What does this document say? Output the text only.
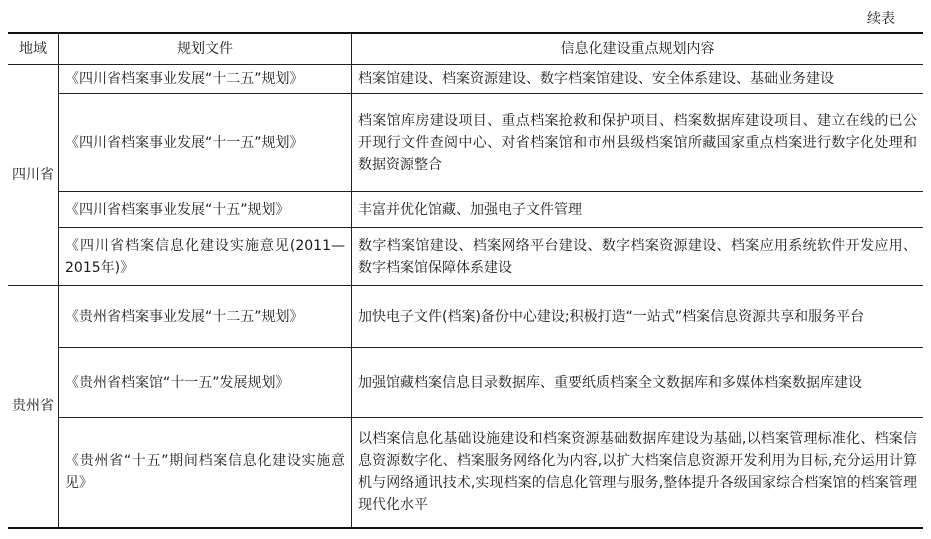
续表
地域	规划文件	信息化建设重点规划内容
四川省	《四川省档案事业发展“十二五”规划》	档案馆建设、档案资源建设、数字档案馆建设、安全体系建设、基础业务建设
	《四川省档案事业发展“十一五”规划》	档案馆库房建设项目、重点档案抢救和保护项目、档案数据库建设项目、建立在线的已公开现行文件查阅中心、对省档案馆和市州县级档案馆所藏国家重点档案进行数字化处理和数据资源整合
	《四川省档案事业发展“十五”规划》	丰富并优化馆藏、加强电子文件管理
	《四川省档案信息化建设实施意见(2011—2015年)》	数字档案馆建设、档案网络平台建设、数字档案资源建设、档案应用系统软件开发应用、数字档案馆保障体系建设
贵州省	《贵州省档案事业发展“十二五”规划》	加快电子文件(档案)备份中心建设;积极打造“一站式”档案信息资源共享和服务平台
	《贵州省档案馆“十一五”发展规划》	加强馆藏档案信息目录数据库、重要纸质档案全文数据库和多媒体档案数据库建设
	《贵州省“十五”期间档案信息化建设实施意见》	以档案信息化基础设施建设和档案资源基础数据库建设为基础,以档案管理标准化、档案信息资源数字化、档案服务网络化为内容,以扩大档案信息资源开发利用为目标,充分运用计算机与网络通讯技术,实现档案的信息化管理与服务,整体提升各级国家综合档案馆的档案管理现代化水平
